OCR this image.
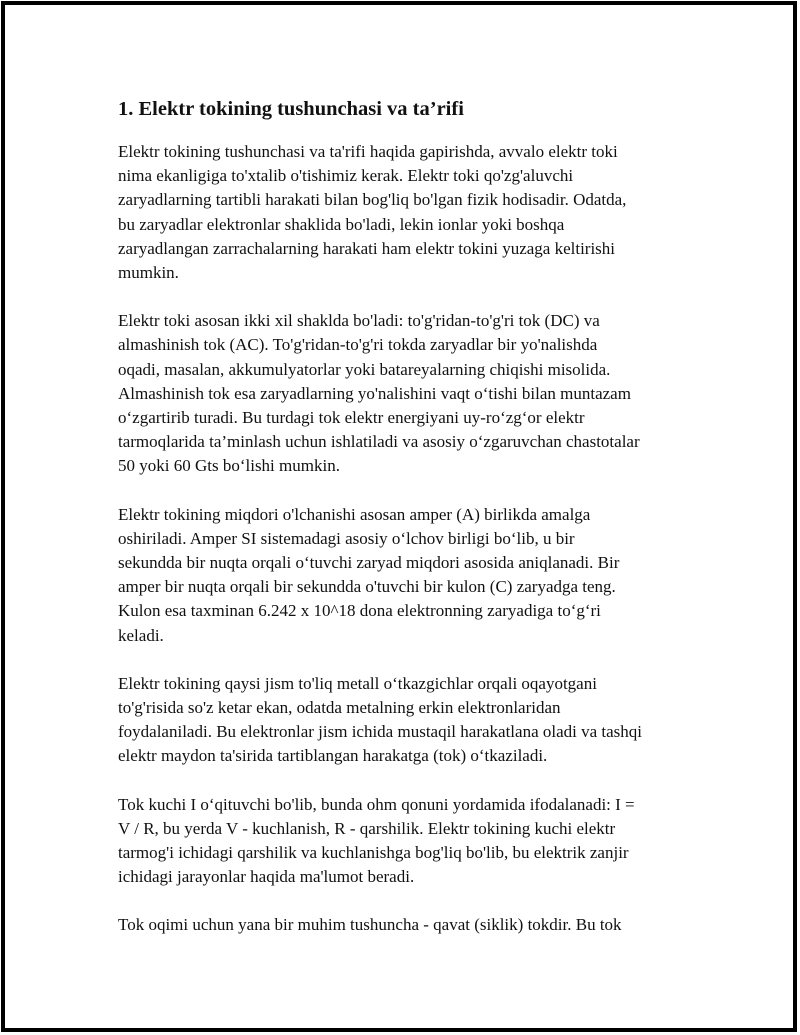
1. Elektr tokining tushunchasi va ta’rifi

Elektr tokining tushunchasi va ta'rifi haqida gapirishda, avvalo elektr toki
nima ekanligiga to'xtalib o'tishimiz kerak. Elektr toki qo'zg'aluvchi
zaryadlarning tartibli harakati bilan bog'liq bo'lgan fizik hodisadir. Odatda,
bu zaryadlar elektronlar shaklida bo'ladi, lekin ionlar yoki boshqa
zaryadlangan zarrachalarning harakati ham elektr tokini yuzaga keltirishi
mumkin.

Elektr toki asosan ikki xil shaklda bo'ladi: to'g'ridan-to'g'ri tok (DC) va
almashinish tok (AC). To'g'ridan-to'g'ri tokda zaryadlar bir yo'nalishda
oqadi, masalan, akkumulyatorlar yoki batareyalarning chiqishi misolida.
Almashinish tok esa zaryadlarning yo'nalishini vaqt o‘tishi bilan muntazam
o‘zgartirib turadi. Bu turdagi tok elektr energiyani uy-ro‘zg‘or elektr
tarmoqlarida ta’minlash uchun ishlatiladi va asosiy o‘zgaruvchan chastotalar
50 yoki 60 Gts bo‘lishi mumkin.

Elektr tokining miqdori o'lchanishi asosan amper (A) birlikda amalga
oshiriladi. Amper SI sistemadagi asosiy o‘lchov birligi bo‘lib, u bir
sekundda bir nuqta orqali o‘tuvchi zaryad miqdori asosida aniqlanadi. Bir
amper bir nuqta orqali bir sekundda o'tuvchi bir kulon (C) zaryadga teng.
Kulon esa taxminan 6.242 x 10^18 dona elektronning zaryadiga to‘g‘ri
keladi.

Elektr tokining qaysi jism to'liq metall o‘tkazgichlar orqali oqayotgani
to'g'risida so'z ketar ekan, odatda metalning erkin elektronlaridan
foydalaniladi. Bu elektronlar jism ichida mustaqil harakatlana oladi va tashqi
elektr maydon ta'sirida tartiblangan harakatga (tok) o‘tkaziladi.

Tok kuchi I o‘qituvchi bo'lib, bunda ohm qonuni yordamida ifodalanadi: I =
V / R, bu yerda V - kuchlanish, R - qarshilik. Elektr tokining kuchi elektr
tarmog'i ichidagi qarshilik va kuchlanishga bog'liq bo'lib, bu elektrik zanjir
ichidagi jarayonlar haqida ma'lumot beradi.

Tok oqimi uchun yana bir muhim tushuncha - qavat (siklik) tokdir. Bu tok
